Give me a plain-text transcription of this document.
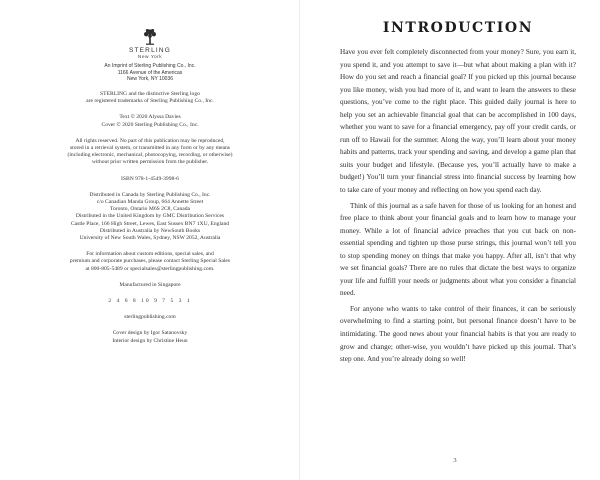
STERLING
New York

An Imprint of Sterling Publishing Co., Inc.

1166 Avenue of the Americas

New York, NY 10036

STERLING and the distinctive Sterling logo

are registered trademarks of Sterling Publishing Co., Inc.

Text © 2020 Alyssa Davies

Cover © 2020 Sterling Publishing Co., Inc.

All rights reserved. No part of this publication may be reproduced,

stored in a retrieval system, or transmitted in any form or by any means

(including electronic, mechanical, photocopying, recording, or otherwise)

without prior written permission from the publisher.

ISBN 978-1-4549-3998-6

Distributed in Canada by Sterling Publishing Co., Inc.

c/o Canadian Manda Group, 664 Annette Street

Toronto, Ontario M6S 2C8, Canada

Distributed in the United Kingdom by GMC Distribution Services

Castle Place, 166 High Street, Lewes, East Sussex BN7 1XU, England

Distributed in Australia by NewSouth Books

University of New South Wales, Sydney, NSW 2052, Australia

For information about custom editions, special sales, and

premium and corporate purchases, please contact Sterling Special Sales

at 800-805-5489 or specialsales@sterlingpublishing.com.

Manufactured in Singapore

2 4 6 8 10 9 7 5 3 1

sterlingpublishing.com

Cover design by Igor Satanovsky

Interior design by Christine Heun

INTRODUCTION

Have you ever felt completely disconnected from your money? Sure, you earn it, you spend it, and you attempt to save it—but what about making a plan with it? How do you set and reach a financial goal? If you picked up this journal because you like money, wish you had more of it, and want to learn the answers to these questions, you’ve come to the right place. This guided daily journal is here to help you set an achievable financial goal that can be accomplished in 100 days, whether you want to save for a financial emergency, pay off your credit cards, or run off to Hawaii for the summer. Along the way, you’ll learn about your money habits and patterns, track your spending and saving, and develop a game plan that suits your budget and lifestyle. (Because yes, you’ll actually have to make a budget!) You’ll turn your financial stress into financial success by learning how to take care of your money and reflecting on how you spend each day.

Think of this journal as a safe haven for those of us looking for an honest and free place to think about your financial goals and to learn how to manage your money. While a lot of financial advice preaches that you cut back on non-essential spending and tighten up those purse strings, this journal won’t tell you to stop spending money on things that make you happy. After all, isn’t that why we set financial goals? There are no rules that dictate the best ways to organize your life and fulfill your needs or judgments about what you consider a financial need.

For anyone who wants to take control of their finances, it can be seriously overwhelming to find a starting point, but personal finance doesn’t have to be intimidating. The good news about your financial habits is that you are ready to grow and change; other-wise, you wouldn’t have picked up this journal. That’s step one. And you’re already doing so well!

3
